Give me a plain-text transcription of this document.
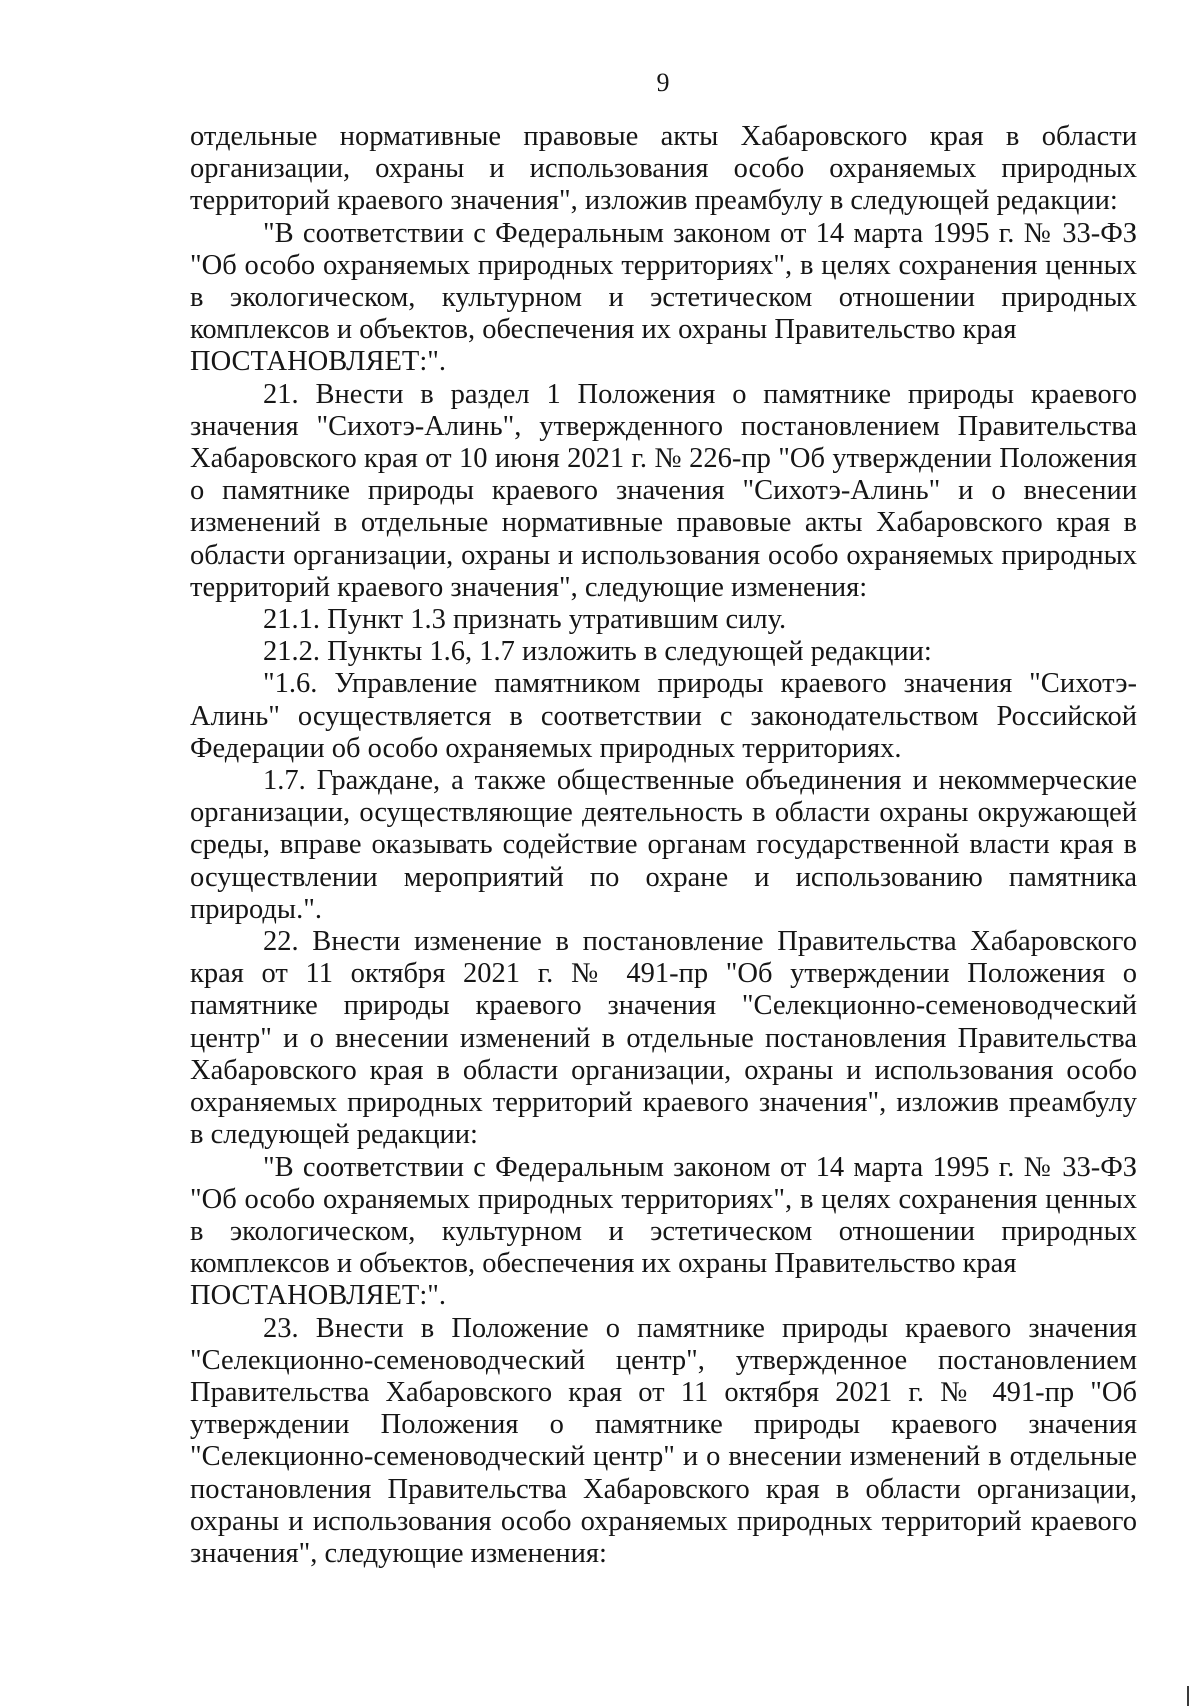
9

отдельные нормативные правовые акты Хабаровского края в области организации, охраны и использования особо охраняемых природных территорий краевого значения", изложив преамбулу в следующей редакции:

"В соответствии с Федеральным законом от 14 марта 1995 г. № 33-ФЗ "Об особо охраняемых природных территориях", в целях сохранения ценных в экологическом, культурном и эстетическом отношении природных комплексов и объектов, обеспечения их охраны Правительство края

ПОСТАНОВЛЯЕТ:".

21. Внести в раздел 1 Положения о памятнике природы краевого значения "Сихотэ-Алинь", утвержденного постановлением Правительства Хабаровского края от 10 июня 2021 г. № 226-пр "Об утверждении Положения о памятнике природы краевого значения "Сихотэ-Алинь" и о внесении изменений в отдельные нормативные правовые акты Хабаровского края в области организации, охраны и использования особо охраняемых природных территорий краевого значения", следующие изменения:

21.1. Пункт 1.3 признать утратившим силу.

21.2. Пункты 1.6, 1.7 изложить в следующей редакции:

"1.6. Управление памятником природы краевого значения "Сихотэ-Алинь" осуществляется в соответствии с законодательством Российской Федерации об особо охраняемых природных территориях.

1.7. Граждане, а также общественные объединения и некоммерческие организации, осуществляющие деятельность в области охраны окружающей среды, вправе оказывать содействие органам государственной власти края в осуществлении мероприятий по охране и использованию памятника природы.".

22. Внести изменение в постановление Правительства Хабаровского края от 11 октября 2021 г. № 491-пр "Об утверждении Положения о памятнике природы краевого значения "Селекционно-семеноводческий центр" и о внесении изменений в отдельные постановления Правительства Хабаровского края в области организации, охраны и использования особо охраняемых природных территорий краевого значения", изложив преамбулу в следующей редакции:

"В соответствии с Федеральным законом от 14 марта 1995 г. № 33-ФЗ "Об особо охраняемых природных территориях", в целях сохранения ценных в экологическом, культурном и эстетическом отношении природных комплексов и объектов, обеспечения их охраны Правительство края

ПОСТАНОВЛЯЕТ:".

23. Внести в Положение о памятнике природы краевого значения "Селекционно-семеноводческий центр", утвержденное постановлением Правительства Хабаровского края от 11 октября 2021 г. № 491-пр "Об утверждении Положения о памятнике природы краевого значения "Селекционно-семеноводческий центр" и о внесении изменений в отдельные постановления Правительства Хабаровского края в области организации, охраны и использования особо охраняемых природных территорий краевого значения", следующие изменения:
